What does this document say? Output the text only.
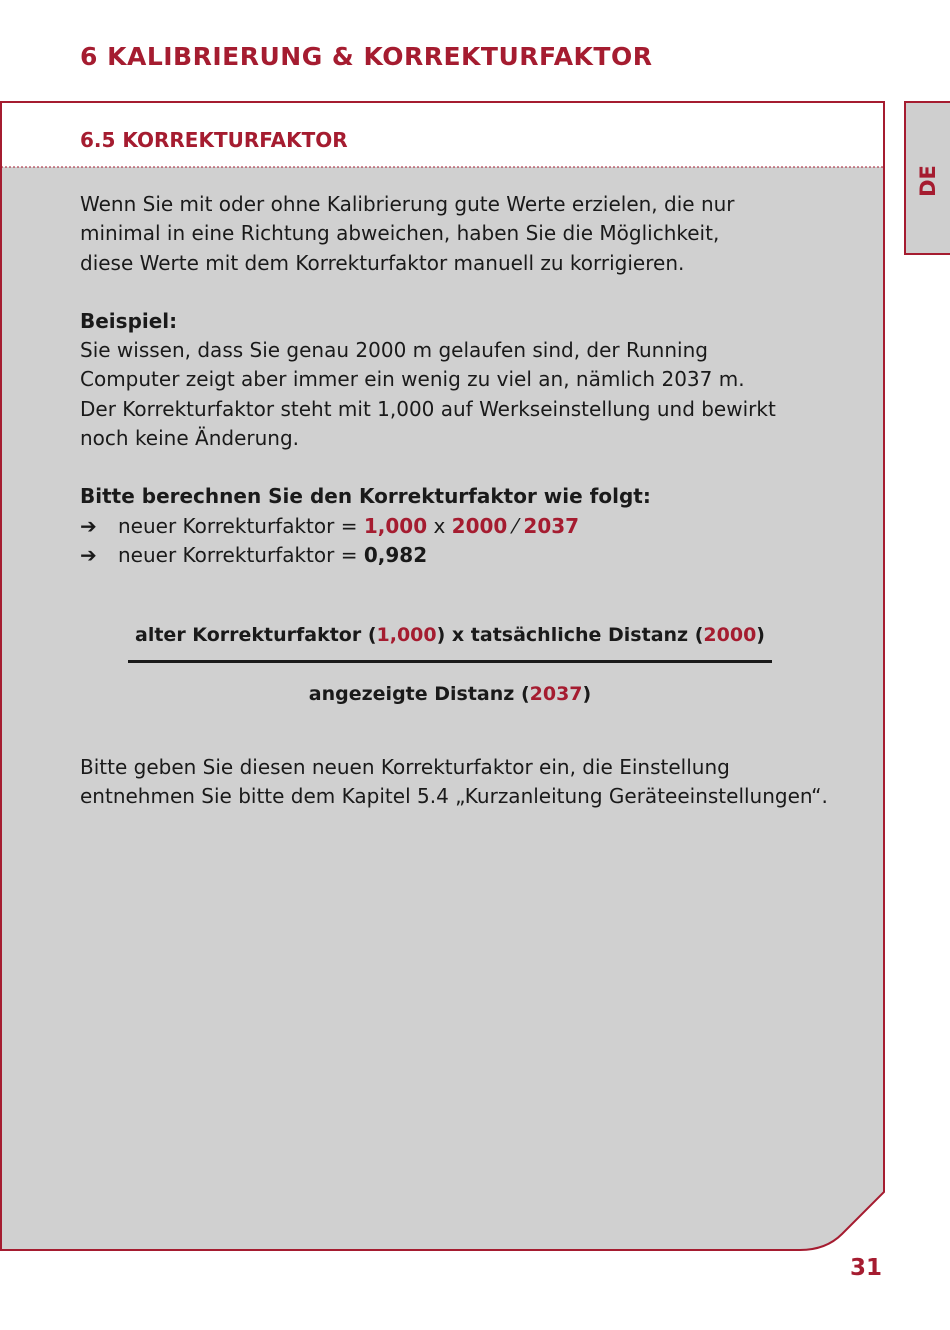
6 KALIBRIERUNG & KORREKTURFAKTOR
6.5 KORREKTURFAKTOR
DE

Wenn Sie mit oder ohne Kalibrierung gute Werte erzielen, die nur

minimal in eine Richtung abweichen, haben Sie die Möglichkeit,

diese Werte mit dem Korrekturfaktor manuell zu korrigieren.

Beispiel:

Sie wissen, dass Sie genau 2000 m gelaufen sind, der Running

Computer zeigt aber immer ein wenig zu viel an, nämlich 2037 m.

Der Korrekturfaktor steht mit 1,000 auf Werkseinstellung und bewirkt

noch keine Änderung.

Bitte berechnen Sie den Korrekturfaktor wie folgt:

➔	neuer Korrekturfaktor = 1,000 x 2000 ⁄ 2037

➔	neuer Korrekturfaktor = 0,982

alter Korrekturfaktor (1,000) x tatsächliche Distanz (2000)
angezeigte Distanz (2037)

Bitte geben Sie diesen neuen Korrekturfaktor ein, die Einstellung

entnehmen Sie bitte dem Kapitel 5.4 „Kurzanleitung Geräteeinstellungen“.

31
